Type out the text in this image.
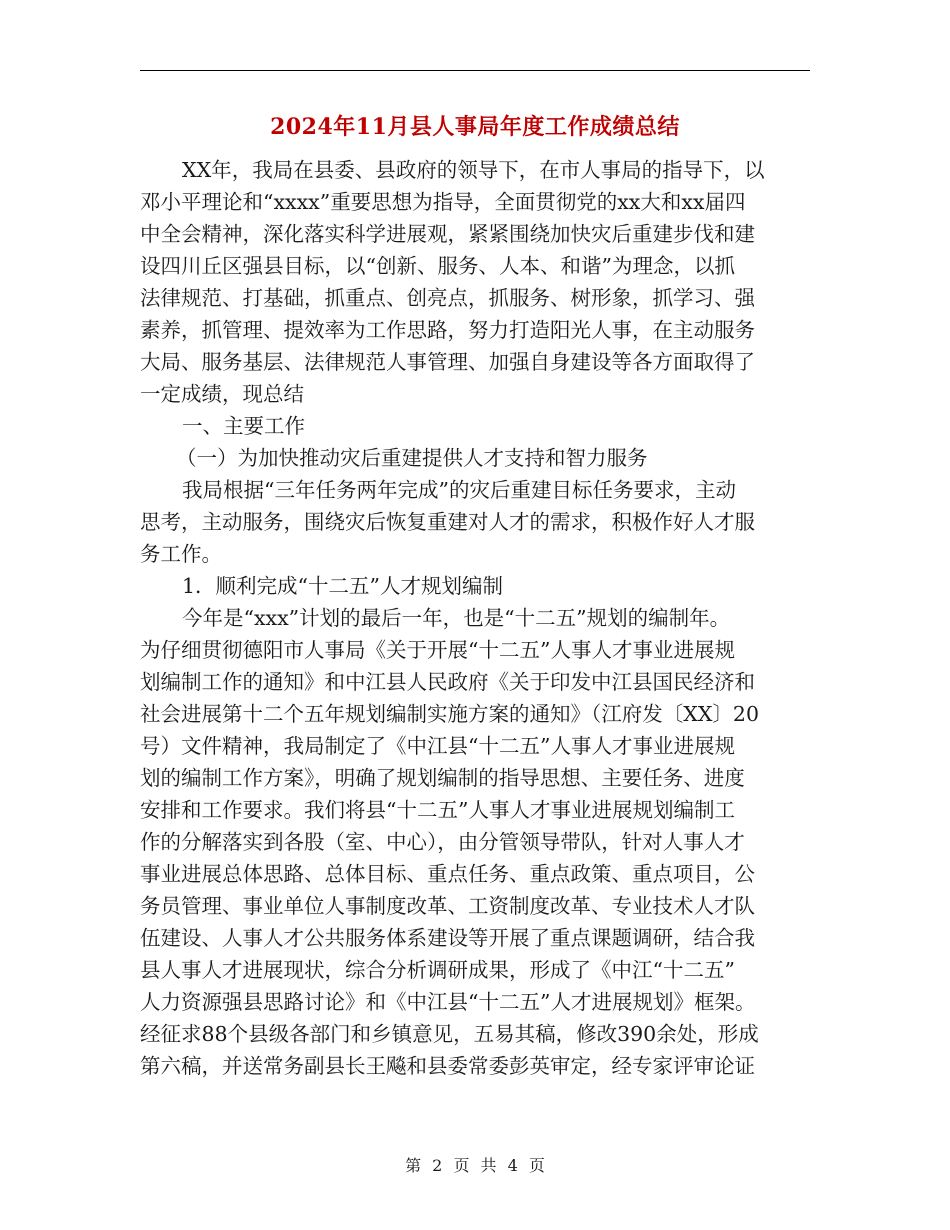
2024年11月县人事局年度工作成绩总结
XX年，我局在县委、县政府的领导下，在市人事局的指导下，以
邓小平理论和“xxxx”重要思想为指导，全面贯彻党的xx大和xx届四
中全会精神，深化落实科学进展观，紧紧围绕加快灾后重建步伐和建
设四川丘区强县目标，以“创新、服务、人本、和谐”为理念，以抓
法律规范、打基础，抓重点、创亮点，抓服务、树形象，抓学习、强
素养，抓管理、提效率为工作思路，努力打造阳光人事，在主动服务
大局、服务基层、法律规范人事管理、加强自身建设等各方面取得了
一定成绩，现总结
一、主要工作
（一）为加快推动灾后重建提供人才支持和智力服务
我局根据“三年任务两年完成”的灾后重建目标任务要求，主动
思考，主动服务，围绕灾后恢复重建对人才的需求，积极作好人才服
务工作。
1．顺利完成“十二五”人才规划编制
今年是“xxx”计划的最后一年，也是“十二五”规划的编制年。
为仔细贯彻德阳市人事局《关于开展“十二五”人事人才事业进展规
划编制工作的通知》和中江县人民政府《关于印发中江县国民经济和
社会进展第十二个五年规划编制实施方案的通知》（江府发〔XX〕20
号）文件精神，我局制定了《中江县“十二五”人事人才事业进展规
划的编制工作方案》，明确了规划编制的指导思想、主要任务、进度
安排和工作要求。我们将县“十二五”人事人才事业进展规划编制工
作的分解落实到各股（室、中心），由分管领导带队，针对人事人才
事业进展总体思路、总体目标、重点任务、重点政策、重点项目，公
务员管理、事业单位人事制度改革、工资制度改革、专业技术人才队
伍建设、人事人才公共服务体系建设等开展了重点课题调研，结合我
县人事人才进展现状，综合分析调研成果，形成了《中江“十二五”
人力资源强县思路讨论》和《中江县“十二五”人才进展规划》框架。
经征求88个县级各部门和乡镇意见，五易其稿，修改390余处，形成
第六稿，并送常务副县长王飚和县委常委彭英审定，经专家评审论证
第 2 页 共 4 页
